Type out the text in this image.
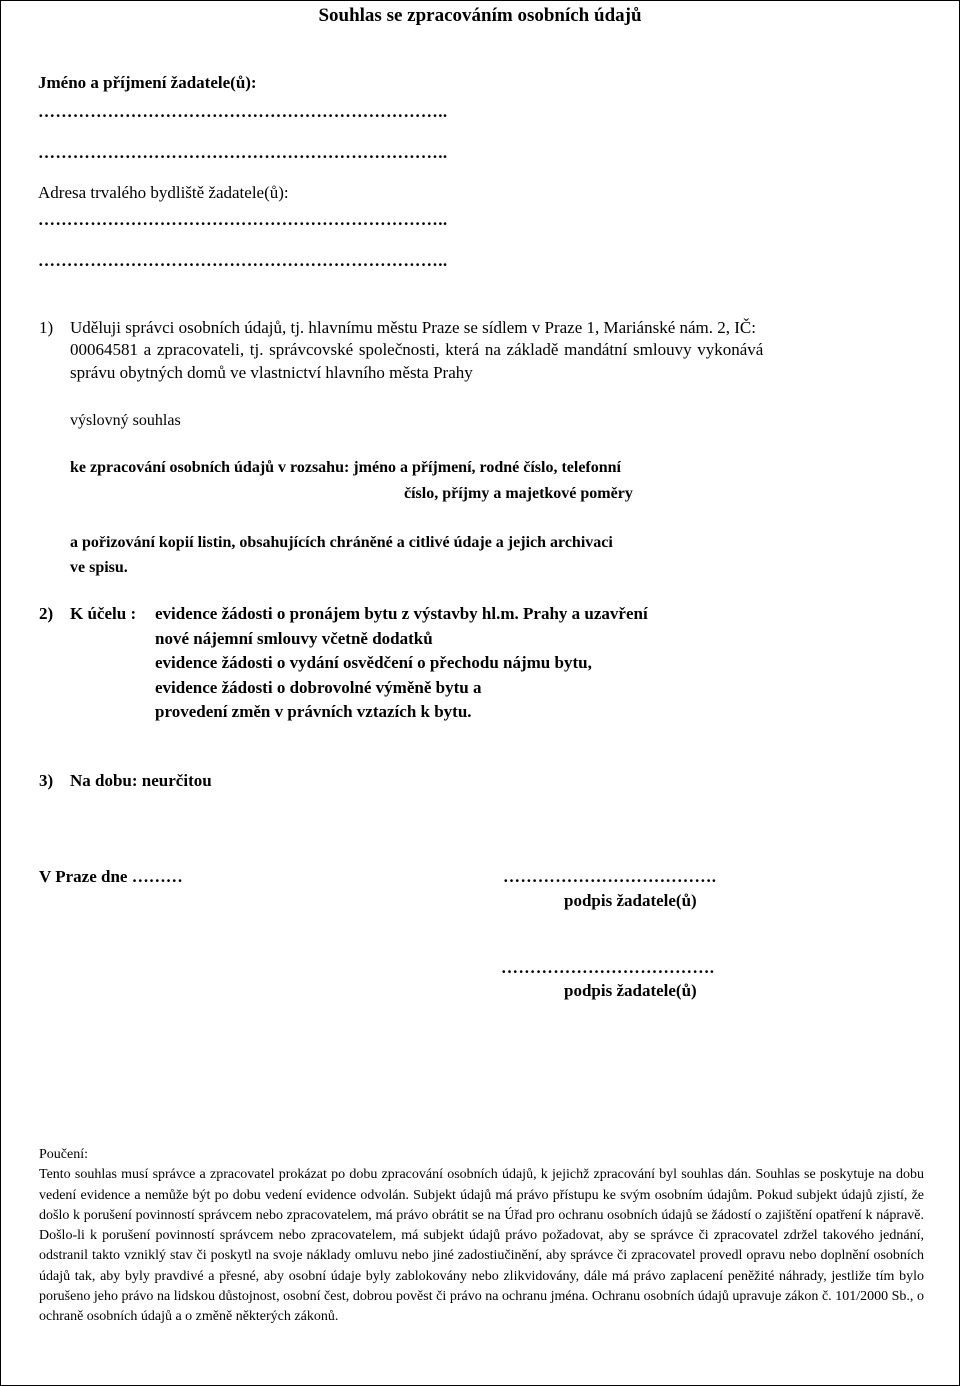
Souhlas se zpracováním osobních údajů

Jméno a příjmení žadatele(ů):

……………………………………………………………..

……………………………………………………………..

Adresa trvalého bydliště žadatele(ů):

……………………………………………………………..

……………………………………………………………..

1) Uděluji správci osobních údajů, tj. hlavnímu městu Praze se sídlem v Praze 1, Mariánské nám. 2, IČ:

00064581 a zpracovateli, tj. správcovské společnosti, která na základě mandátní smlouvy vykonává

správu obytných domů ve vlastnictví hlavního města Prahy

výslovný souhlas

ke zpracování osobních údajů v rozsahu: jméno a příjmení, rodné číslo, telefonní

číslo, příjmy a majetkové poměry

a pořizování kopií listin, obsahujících chráněné a citlivé údaje a jejich archivaci

ve spisu.

2) K účelu : evidence žádosti o pronájem bytu z výstavby hl.m. Prahy a uzavření

nové nájemní smlouvy včetně dodatků

evidence žádosti o vydání osvědčení o přechodu nájmu bytu,

evidence žádosti o dobrovolné výměně bytu a

provedení změn v právních vztazích k bytu.

3) Na dobu: neurčitou

V Praze dne ………	……………………………….

podpis žadatele(ů)

……………………………….

podpis žadatele(ů)

Poučení:
Tento souhlas musí správce a zpracovatel prokázat po dobu zpracování osobních údajů, k jejichž zpracování byl souhlas dán. Souhlas se poskytuje na dobu vedení evidence a nemůže být po dobu vedení evidence odvolán. Subjekt údajů má právo přístupu ke svým osobním údajům. Pokud subjekt údajů zjistí, že došlo k porušení povinností správcem nebo zpracovatelem, má právo obrátit se na Úřad pro ochranu osobních údajů se žádostí o zajištění opatření k nápravě. Došlo-li k porušení povinností správcem nebo zpracovatelem, má subjekt údajů právo požadovat, aby se správce či zpracovatel zdržel takového jednání, odstranil takto vzniklý stav či poskytl na svoje náklady omluvu nebo jiné zadostiučinění, aby správce či zpracovatel provedl opravu nebo doplnění osobních údajů tak, aby byly pravdivé a přesné, aby osobní údaje byly zablokovány nebo zlikvidovány, dále má právo zaplacení peněžité náhrady, jestliže tím bylo porušeno jeho právo na lidskou důstojnost, osobní čest, dobrou pověst či právo na ochranu jména. Ochranu osobních údajů upravuje zákon č. 101/2000 Sb., o ochraně osobních údajů a o změně některých zákonů.
